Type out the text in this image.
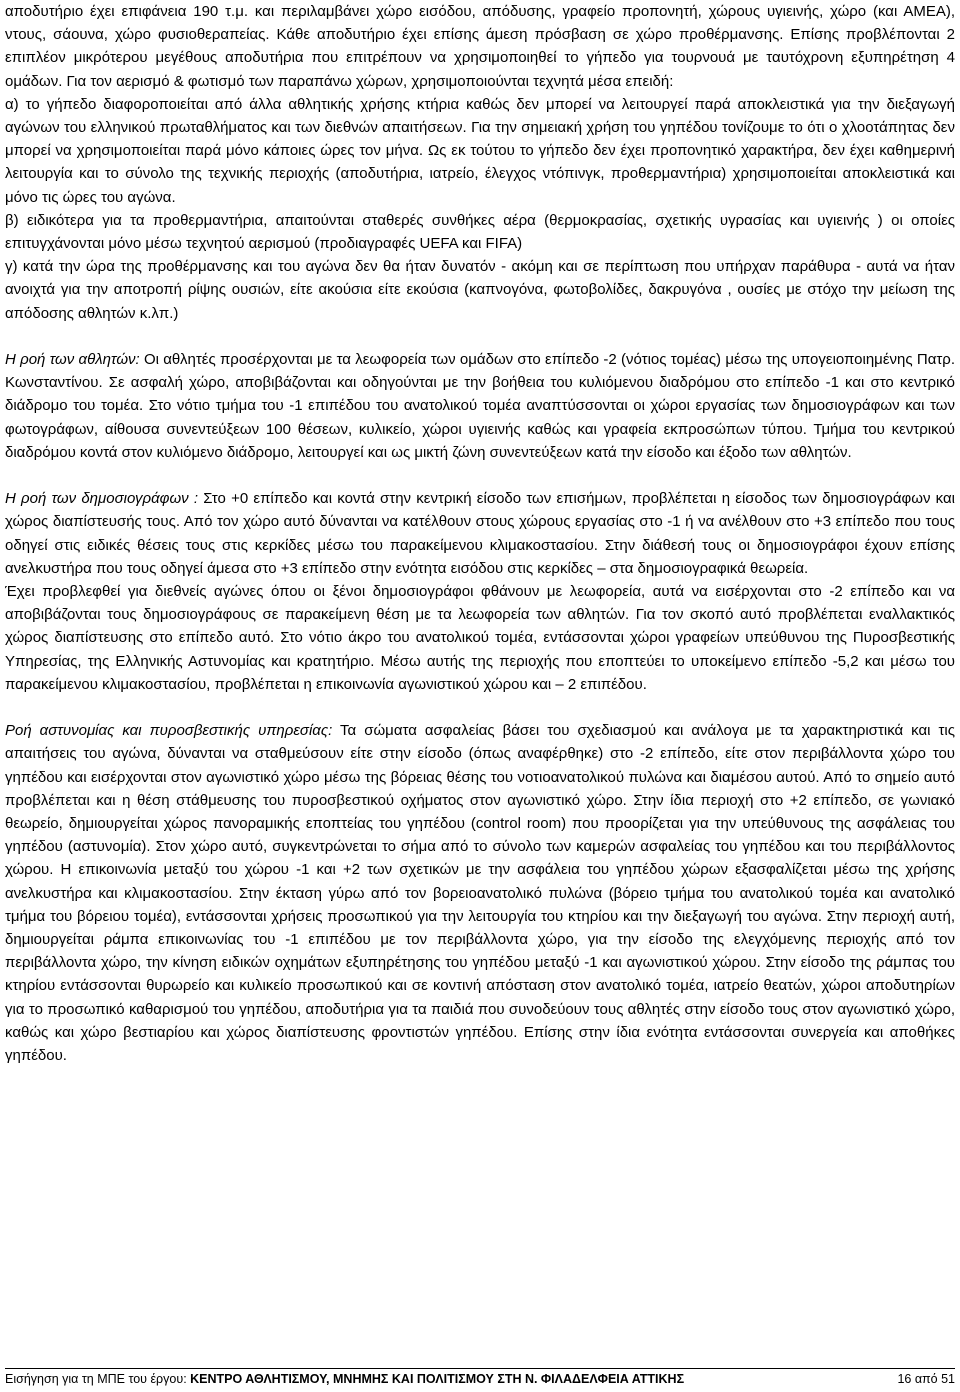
αποδυτήριο έχει επιφάνεια 190 τ.μ. και περιλαμβάνει χώρο εισόδου, απόδυσης, γραφείο προπονητή, χώρους υγιεινής, χώρο (και ΑΜΕΑ), ντους, σάουνα, χώρο φυσιοθεραπείας. Κάθε αποδυτήριο έχει επίσης άμεση πρόσβαση σε χώρο προθέρμανσης. Επίσης προβλέπονται 2 επιπλέον μικρότερου μεγέθους αποδυτήρια που επιτρέπουν να χρησιμοποιηθεί το γήπεδο για τουρνουά με ταυτόχρονη εξυπηρέτηση 4 ομάδων. Για τον αερισμό & φωτισμό των παραπάνω χώρων, χρησιμοποιούνται τεχνητά μέσα επειδή:

α) το γήπεδο διαφοροποιείται από άλλα αθλητικής χρήσης κτήρια καθώς δεν μπορεί να λειτουργεί παρά αποκλειστικά για την διεξαγωγή αγώνων του ελληνικού πρωταθλήματος και των διεθνών απαιτήσεων. Για την σημειακή χρήση του γηπέδου τονίζουμε το ότι ο χλοοτάπητας δεν μπορεί να χρησιμοποιείται παρά μόνο κάποιες ώρες τον μήνα. Ως εκ τούτου το γήπεδο δεν έχει προπονητικό χαρακτήρα, δεν έχει καθημερινή λειτουργία και το σύνολο της τεχνικής περιοχής (αποδυτήρια, ιατρείο, έλεγχος ντόπινγκ, προθερμαντήρια) χρησιμοποιείται αποκλειστικά και μόνο τις ώρες του αγώνα.

β) ειδικότερα για τα προθερμαντήρια, απαιτούνται σταθερές συνθήκες αέρα (θερμοκρασίας, σχετικής υγρασίας και υγιεινής ) οι οποίες επιτυγχάνονται μόνο μέσω τεχνητού αερισμού (προδιαγραφές UEFA και FIFA)

γ) κατά την ώρα της προθέρμανσης και του αγώνα δεν θα ήταν δυνατόν - ακόμη και σε περίπτωση που υπήρχαν παράθυρα - αυτά να ήταν ανοιχτά για την αποτροπή ρίψης ουσιών, είτε ακούσια είτε εκούσια (καπνογόνα, φωτοβολίδες, δακρυγόνα , ουσίες με στόχο την μείωση της απόδοσης αθλητών κ.λπ.)

Η ροή των αθλητών: Οι αθλητές προσέρχονται με τα λεωφορεία των ομάδων στο επίπεδο -2 (νότιος τομέας) μέσω της υπογειοποιημένης Πατρ. Κωνσταντίνου. Σε ασφαλή χώρο, αποβιβάζονται και οδηγούνται με την βοήθεια του κυλιόμενου διαδρόμου στο επίπεδο -1 και στο κεντρικό διάδρομο του τομέα. Στο νότιο τμήμα του -1 επιπέδου του ανατολικού τομέα αναπτύσσονται οι χώροι εργασίας των δημοσιογράφων και των φωτογράφων, αίθουσα συνεντεύξεων 100 θέσεων, κυλικείο, χώροι υγιεινής καθώς και γραφεία εκπροσώπων τύπου. Τμήμα του κεντρικού διαδρόμου κοντά στον κυλιόμενο διάδρομο, λειτουργεί και ως μικτή ζώνη συνεντεύξεων κατά την είσοδο και έξοδο των αθλητών.

Η ροή των δημοσιογράφων : Στο +0 επίπεδο και κοντά στην κεντρική είσοδο των επισήμων, προβλέπεται η είσοδος των δημοσιογράφων και χώρος διαπίστευσής τους. Από τον χώρο αυτό δύνανται να κατέλθουν στους χώρους εργασίας στο -1 ή να ανέλθουν στο +3 επίπεδο που τους οδηγεί στις ειδικές θέσεις τους στις κερκίδες μέσω του παρακείμενου κλιμακοστασίου. Στην διάθεσή τους οι δημοσιογράφοι έχουν επίσης ανελκυστήρα που τους οδηγεί άμεσα στο +3 επίπεδο στην ενότητα εισόδου στις κερκίδες – στα δημοσιογραφικά θεωρεία.

Έχει προβλεφθεί για διεθνείς αγώνες όπου οι ξένοι δημοσιογράφοι φθάνουν με λεωφορεία, αυτά να εισέρχονται στο -2 επίπεδο και να αποβιβάζονται τους δημοσιογράφους σε παρακείμενη θέση με τα λεωφορεία των αθλητών. Για τον σκοπό αυτό προβλέπεται εναλλακτικός χώρος διαπίστευσης στο επίπεδο αυτό. Στο νότιο άκρο του ανατολικού τομέα, εντάσσονται χώροι γραφείων υπεύθυνου της Πυροσβεστικής Υπηρεσίας, της Ελληνικής Αστυνομίας και κρατητήριο. Μέσω αυτής της περιοχής που εποπτεύει το υποκείμενο επίπεδο -5,2 και μέσω του παρακείμενου κλιμακοστασίου, προβλέπεται η επικοινωνία αγωνιστικού χώρου και – 2 επιπέδου.

Ροή αστυνομίας και πυροσβεστικής υπηρεσίας: Τα σώματα ασφαλείας βάσει του σχεδιασμού και ανάλογα με τα χαρακτηριστικά και τις απαιτήσεις του αγώνα, δύνανται να σταθμεύσουν είτε στην είσοδο (όπως αναφέρθηκε) στο -2 επίπεδο, είτε στον περιβάλλοντα χώρο του γηπέδου και εισέρχονται στον αγωνιστικό χώρο μέσω της βόρειας θέσης του νοτιοανατολικού πυλώνα και διαμέσου αυτού. Από το σημείο αυτό προβλέπεται και η θέση στάθμευσης του πυροσβεστικού οχήματος στον αγωνιστικό χώρο. Στην ίδια περιοχή στο +2 επίπεδο, σε γωνιακό θεωρείο, δημιουργείται χώρος πανοραμικής εποπτείας του γηπέδου (control room) που προορίζεται για την υπεύθυνους της ασφάλειας του γηπέδου (αστυνομία). Στον χώρο αυτό, συγκεντρώνεται το σήμα από το σύνολο των καμερών ασφαλείας του γηπέδου και του περιβάλλοντος χώρου. Η επικοινωνία μεταξύ του χώρου -1 και +2 των σχετικών με την ασφάλεια του γηπέδου χώρων εξασφαλίζεται μέσω της χρήσης ανελκυστήρα και κλιμακοστασίου. Στην έκταση γύρω από τον βορειοανατολικό πυλώνα (βόρειο τμήμα του ανατολικού τομέα και ανατολικό τμήμα του βόρειου τομέα), εντάσσονται χρήσεις προσωπικού για την λειτουργία του κτηρίου και την διεξαγωγή του αγώνα. Στην περιοχή αυτή, δημιουργείται ράμπα επικοινωνίας του -1 επιπέδου με τον περιβάλλοντα χώρο, για την είσοδο της ελεγχόμενης περιοχής από τον περιβάλλοντα χώρο, την κίνηση ειδικών οχημάτων εξυπηρέτησης του γηπέδου μεταξύ -1 και αγωνιστικού χώρου. Στην είσοδο της ράμπας του κτηρίου εντάσσονται θυρωρείο και κυλικείο προσωπικού και σε κοντινή απόσταση στον ανατολικό τομέα, ιατρείο θεατών, χώροι αποδυτηρίων για το προσωπικό καθαρισμού του γηπέδου, αποδυτήρια για τα παιδιά που συνοδεύουν τους αθλητές στην είσοδο τους στον αγωνιστικό χώρο, καθώς και χώρο βεστιαρίου και χώρος διαπίστευσης φροντιστών γηπέδου. Επίσης στην ίδια ενότητα εντάσσονται συνεργεία και αποθήκες γηπέδου.

Εισήγηση για τη ΜΠΕ του έργου: ΚΕΝΤΡΟ ΑΘΛΗΤΙΣΜΟΥ, ΜΝΗΜΗΣ ΚΑΙ ΠΟΛΙΤΙΣΜΟΥ ΣΤΗ Ν. ΦΙΛΑΔΕΛΦΕΙΑ ΑΤΤΙΚΗΣ	16 από 51
